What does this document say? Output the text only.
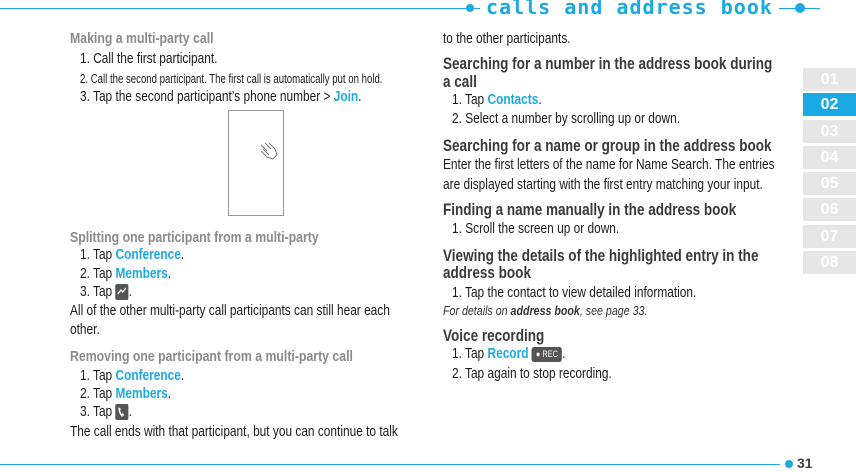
calls and address book
01
02
03
04
05
06
07
08
31
Making a multi-party call
1. Call the first participant.
2. Call the second participant. The first call is automatically put on hold.
3. Tap the second participant’s phone number > Join.
Splitting one participant from a multi-party
1. Tap Conference.
2. Tap Members.
3. Tap .
All of the other multi-party call participants can still hear each
other.
Removing one participant from a multi-party call
1. Tap Conference.
2. Tap Members.
3. Tap .
The call ends with that participant, but you can continue to talk
to the other participants.
Searching for a number in the address book during
a call
1. Tap Contacts.
2. Select a number by scrolling up or down.
Searching for a name or group in the address book
Enter the first letters of the name for Name Search. The entries
are displayed starting with the first entry matching your input.
Finding a name manually in the address book
1. Scroll the screen up or down.
Viewing the details of the highlighted entry in the
address book
1. Tap the contact to view detailed information.
For details on address book, see page 33.
Voice recording
1. Tap Record ● REC .
2. Tap again to stop recording.
